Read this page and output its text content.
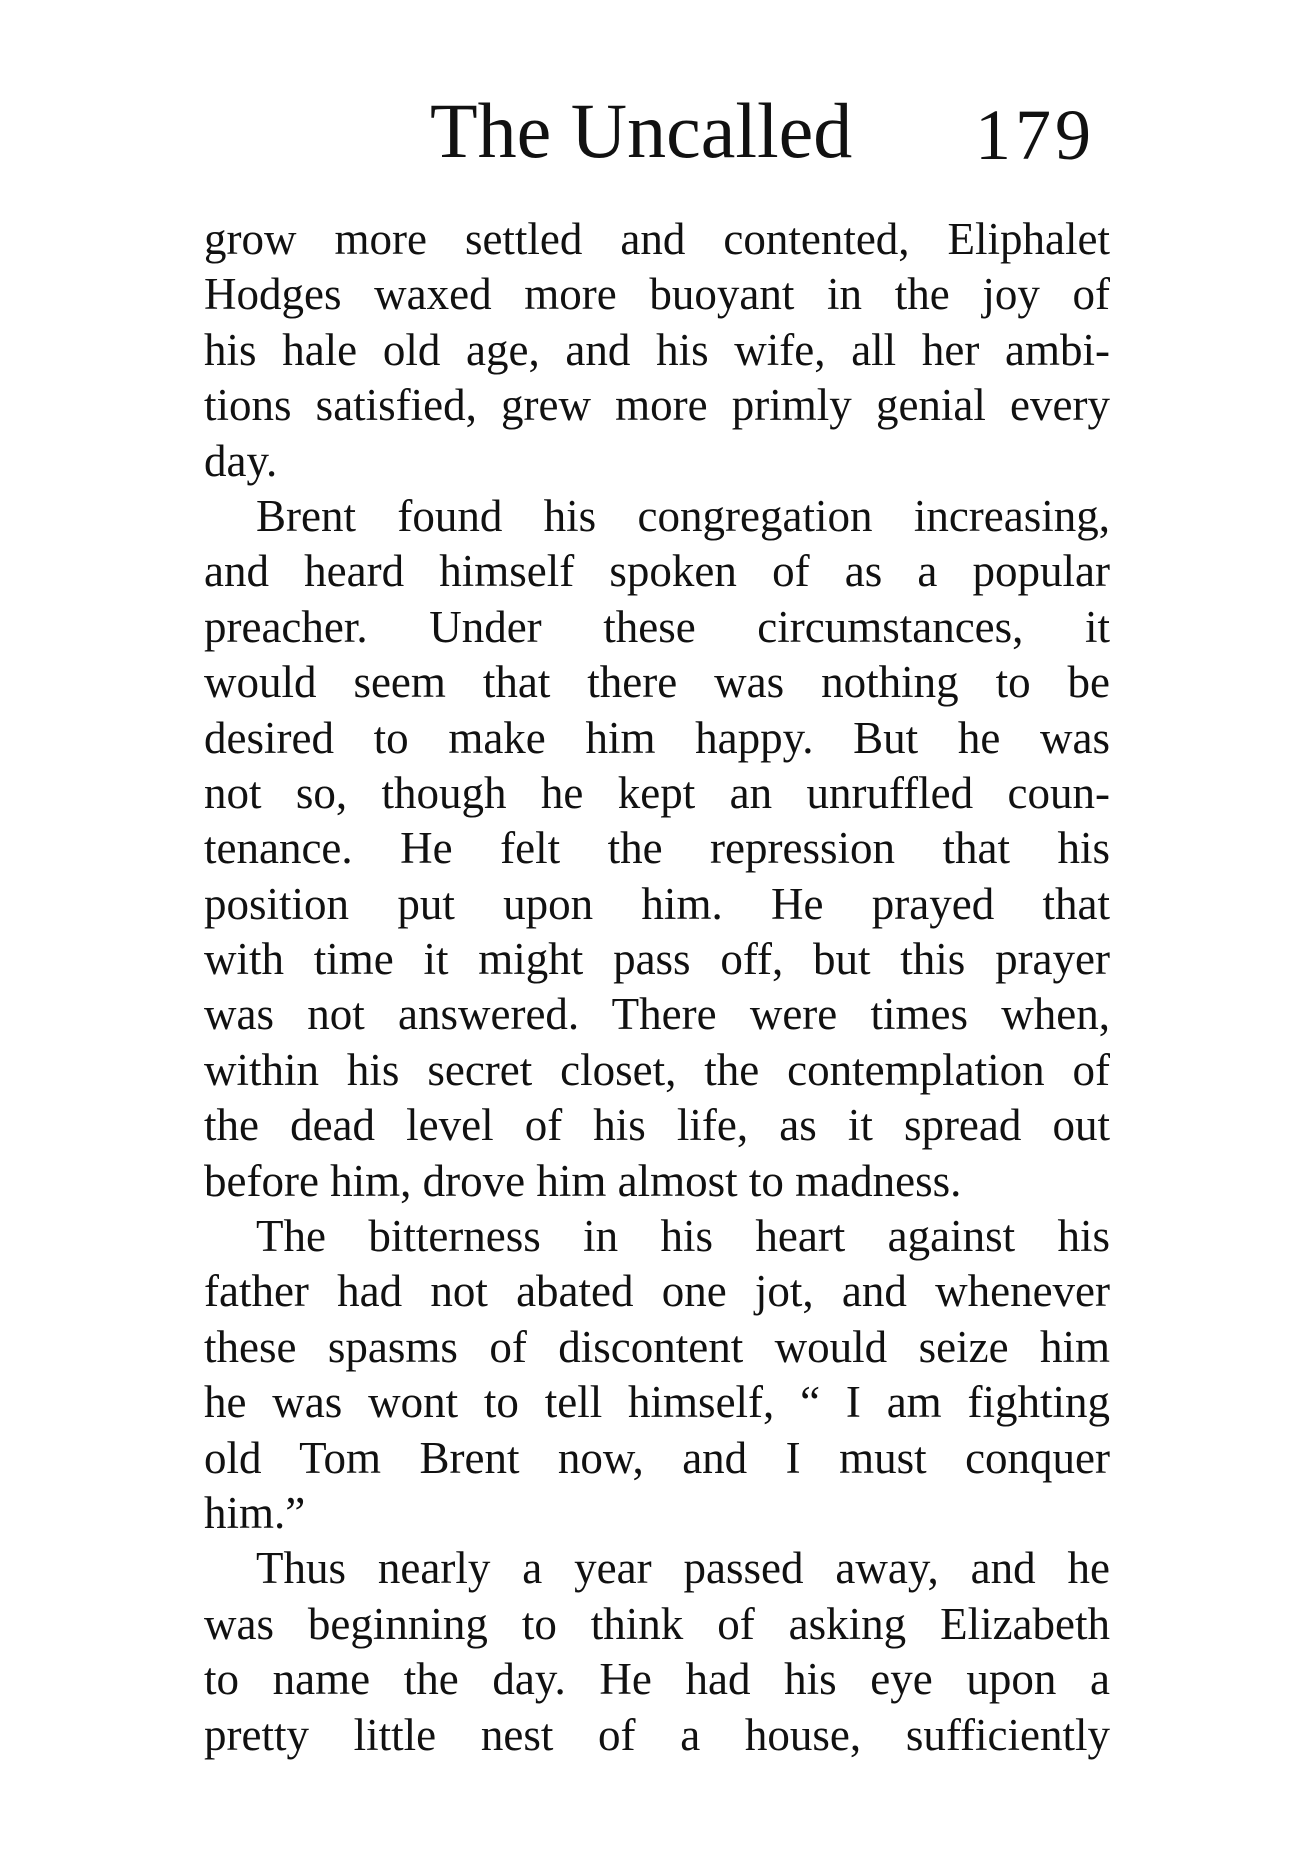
The Uncalled 179
grow more settled and contented, Eliphalet
Hodges waxed more buoyant in the joy of
his hale old age, and his wife, all her ambi-
tions satisfied, grew more primly genial every
day.
Brent found his congregation increasing,
and heard himself spoken of as a popular
preacher. Under these circumstances, it
would seem that there was nothing to be
desired to make him happy. But he was
not so, though he kept an unruffled coun-
tenance. He felt the repression that his
position put upon him. He prayed that
with time it might pass off, but this prayer
was not answered. There were times when,
within his secret closet, the contemplation of
the dead level of his life, as it spread out
before him, drove him almost to madness.
The bitterness in his heart against his
father had not abated one jot, and whenever
these spasms of discontent would seize him
he was wont to tell himself, “ I am fighting
old Tom Brent now, and I must conquer
him.”
Thus nearly a year passed away, and he
was beginning to think of asking Elizabeth
to name the day. He had his eye upon a
pretty little nest of a house, sufficiently
